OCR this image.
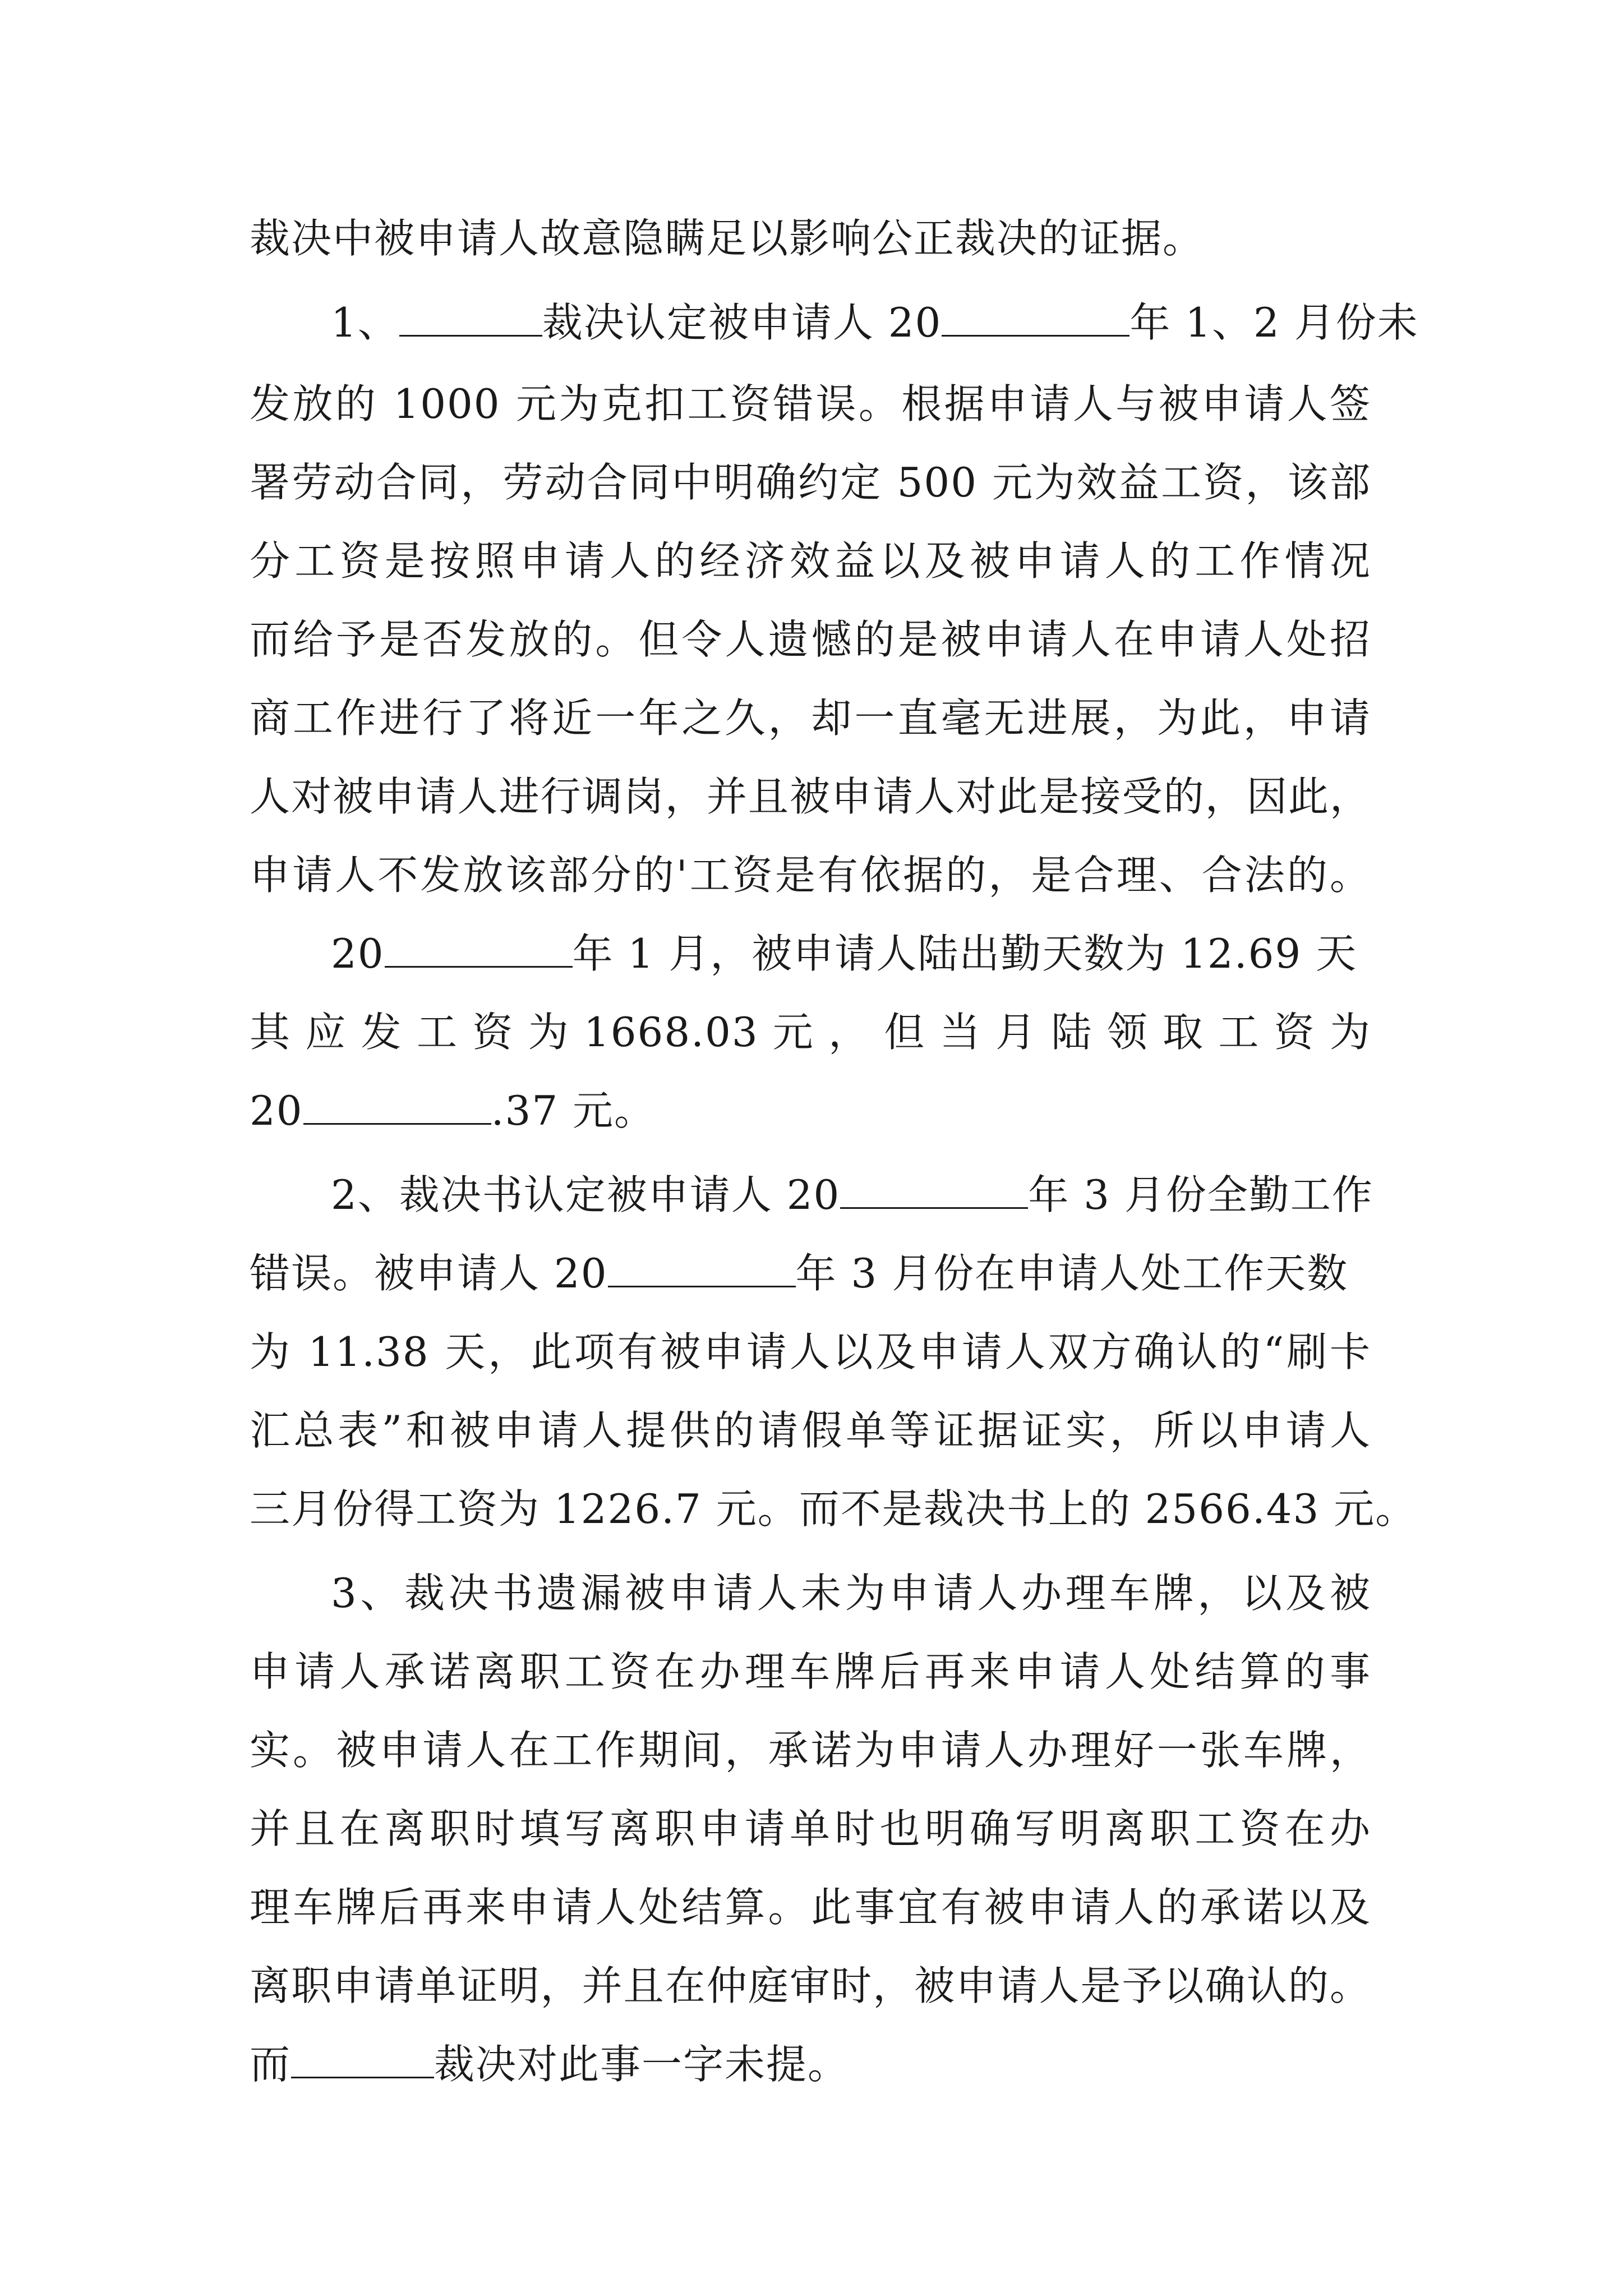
裁决中被申请人故意隐瞒足以影响公正裁决的证据。
1、	裁决认定被申请人 20	年 1、2 月份未
发放的 1000 元为克扣工资错误。根据申请人与被申请人签
署劳动合同，劳动合同中明确约定 500 元为效益工资，该部
分工资是按照申请人的经济效益以及被申请人的工作情况
而给予是否发放的。但令人遗憾的是被申请人在申请人处招
商工作进行了将近一年之久，却一直毫无进展，为此，申请
人对被申请人进行调岗，并且被申请人对此是接受的，因此，
申请人不发放该部分的'工资是有依据的，是合理、合法的。
20	年 1 月，被申请人陆出勤天数为 12.69 天
其 应 发 工 资 为 1668.03 元 ， 但 当 月 陆 领 取 工 资 为
20	.37 元。
2、裁决书认定被申请人 20	年 3 月份全勤工作
错误。被申请人 20	年 3 月份在申请人处工作天数
为 11.38 天，此项有被申请人以及申请人双方确认的“刷卡
汇总表”和被申请人提供的请假单等证据证实，所以申请人
三月份得工资为 1226.7 元。而不是裁决书上的 2566.43 元。
3、裁决书遗漏被申请人未为申请人办理车牌，以及被
申请人承诺离职工资在办理车牌后再来申请人处结算的事
实。被申请人在工作期间，承诺为申请人办理好一张车牌，
并且在离职时填写离职申请单时也明确写明离职工资在办
理车牌后再来申请人处结算。此事宜有被申请人的承诺以及
离职申请单证明，并且在仲庭审时，被申请人是予以确认的。
而	裁决对此事一字未提。
